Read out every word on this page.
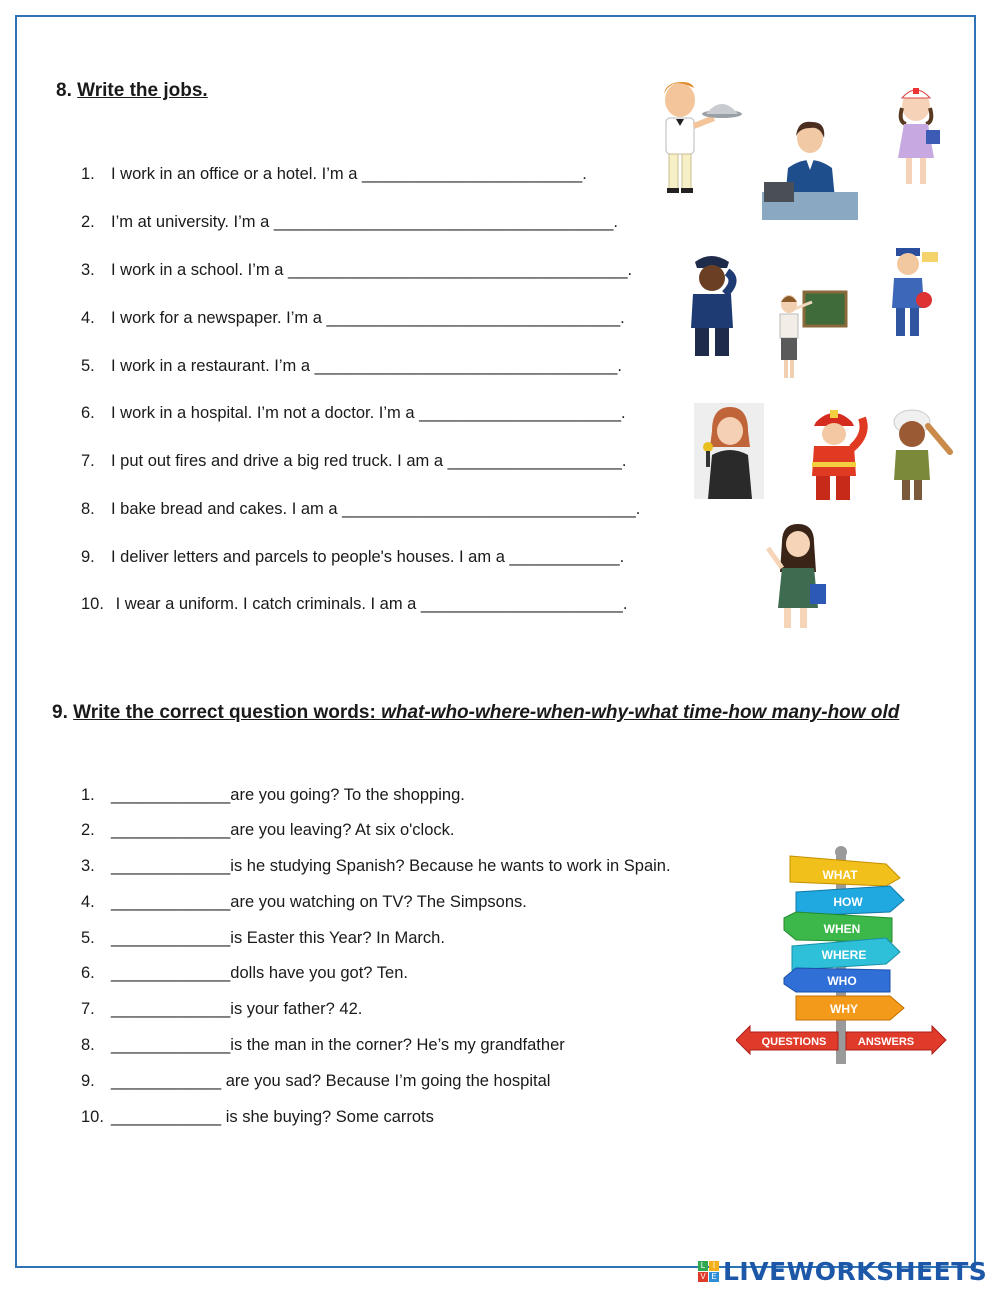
8. Write the jobs.
1. I work in an office or a hotel. I’m a ________________________.
2. I’m at university. I’m a _____________________________________.
3. I work in a school. I’m a _____________________________________.
4. I work for a newspaper. I’m a ________________________________.
5. I work in a restaurant. I’m a _________________________________.
6. I work in a hospital. I’m not a doctor. I’m a ______________________.
7. I put out fires and drive a big red truck. I am a ___________________.
8. I bake bread and cakes. I am a ________________________________.
9. I deliver letters and parcels to people's houses. I am a ____________.
10. I wear a uniform. I catch criminals. I am a ______________________.
9. Write the correct question words: what-who-where-when-why-what time-how many-how old
1. _____________are you going? To the shopping.
2. _____________are you leaving? At six o'clock.
3. _____________is he studying Spanish? Because he wants to work in Spain.
4. _____________are you watching on TV? The Simpsons.
5. _____________is Easter this Year? In March.
6. _____________dolls have you got? Ten.
7. _____________is your father? 42.
8. _____________is the man in the corner? He’s my grandfather
9. ____________ are you sad? Because I’m going the hospital
10. ____________ is she buying? Some carrots
WHAT
HOW
WHEN
WHERE
WHO
WHY
QUESTIONS	ANSWERS
L I
V E LIVEWORKSHEETS
